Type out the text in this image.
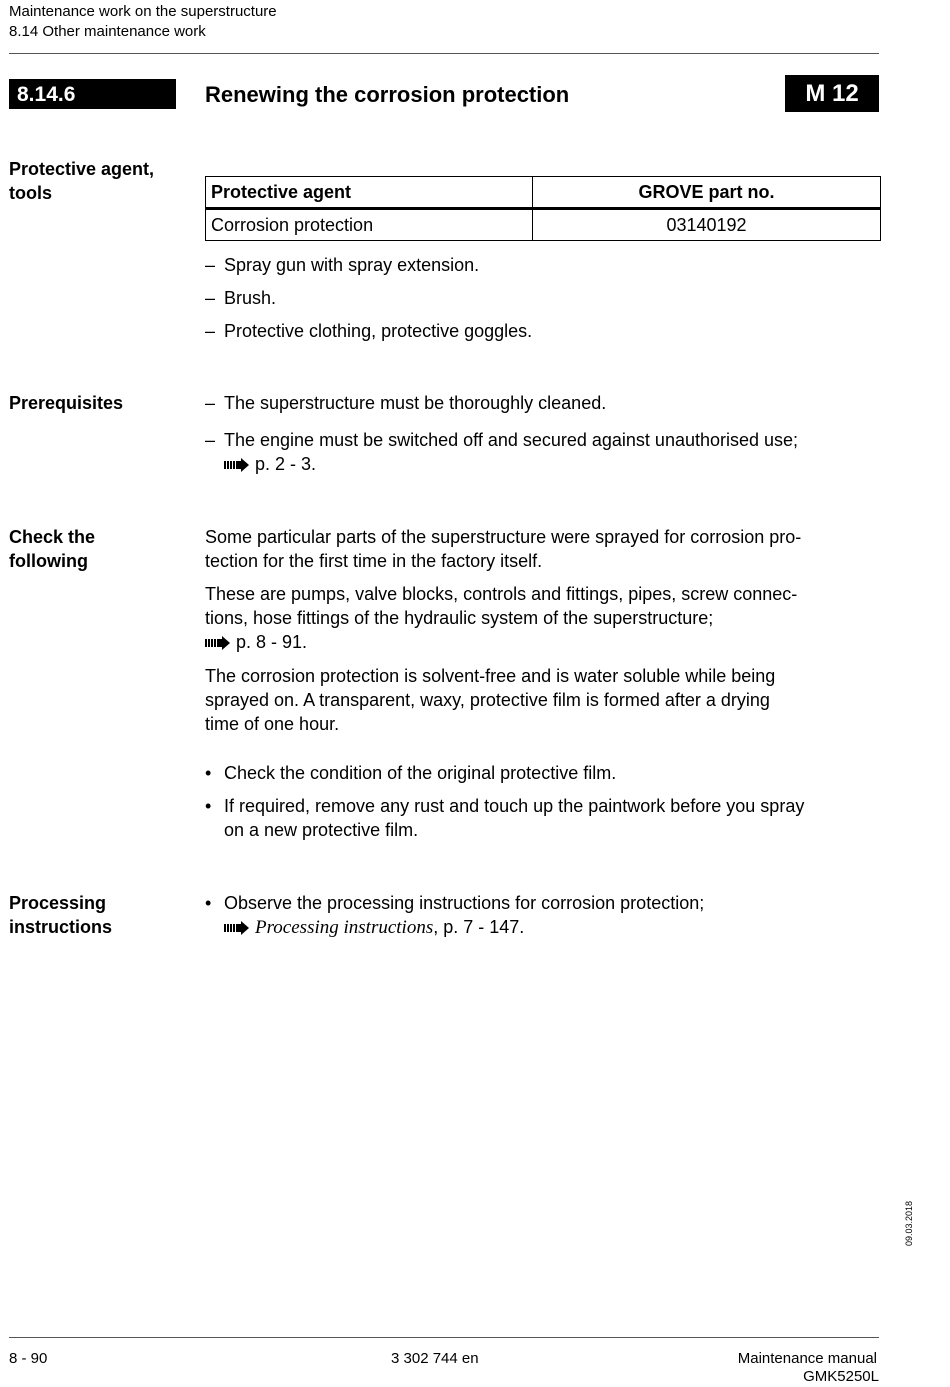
Maintenance work on the superstructure
8.14 Other maintenance work
8.14.6	Renewing the corrosion protection	M 12
Protective agent,
tools	Protective agent	GROVE part no.
Corrosion protection	03140192
– Spray gun with spray extension.
– Brush.
– Protective clothing, protective goggles.
Prerequisites	– The superstructure must be thoroughly cleaned.
– The engine must be switched off and secured against unauthorised use;
p. 2 - 3.
Check the
following
Some particular parts of the superstructure were sprayed for corrosion pro-
tection for the first time in the factory itself.
These are pumps, valve blocks, controls and fittings, pipes, screw connec-
tions, hose fittings of the hydraulic system of the superstructure;
p. 8 - 91.
The corrosion protection is solvent-free and is water soluble while being
sprayed on. A transparent, waxy, protective film is formed after a drying
time of one hour.
• Check the condition of the original protective film.
• If required, remove any rust and touch up the paintwork before you spray
on a new protective film.
Processing
instructions
• Observe the processing instructions for corrosion protection;
Processing instructions, p. 7 - 147.
09.03.2018
8 - 90	3 302 744 en	Maintenance manual
GMK5250L
